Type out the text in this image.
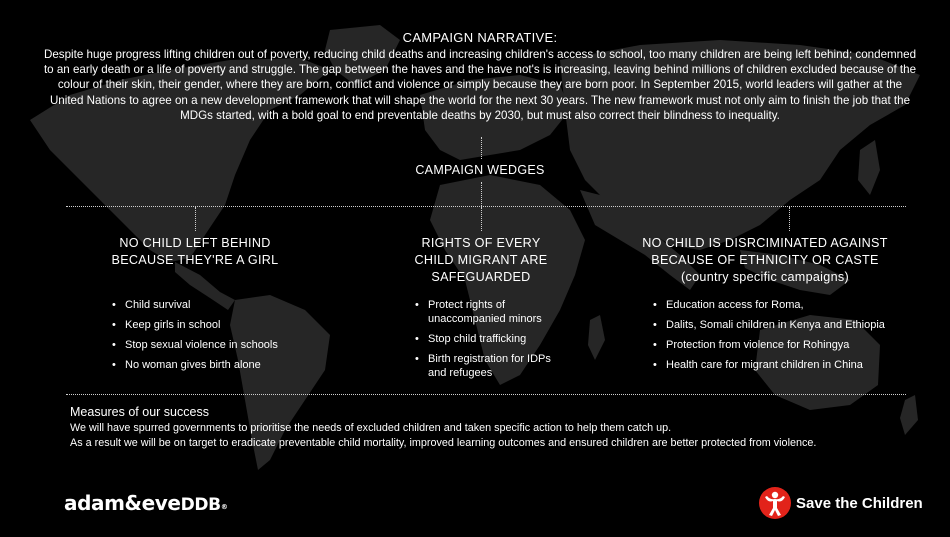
CAMPAIGN NARRATIVE:

Despite huge progress lifting children out of poverty, reducing child deaths and increasing children's access to school, too many children are being left behind; condemned to an early death or a life of poverty and struggle. The gap between the haves and the have not's is increasing, leaving behind millions of children excluded because of the colour of their skin, their gender, where they are born, conflict and violence or simply because they are born poor. In September 2015, world leaders will gather at the United Nations to agree on a new development framework that will shape the world for the next 30 years. The new framework must not only aim to finish the job that the MDGs started, with a bold goal to end preventable deaths by 2030, but must also correct their blindness to inequality.

CAMPAIGN WEDGES
NO CHILD LEFT BEHIND BECAUSE THEY'RE A GIRL
• Child survival
• Keep girls in school
• Stop sexual violence in schools
• No woman gives birth alone
RIGHTS OF EVERY CHILD MIGRANT ARE SAFEGUARDED
• Protect rights of unaccompanied minors
• Stop child trafficking
• Birth registration for IDPs and refugees
NO CHILD IS DISRCIMINATED AGAINST BECAUSE OF ETHNICITY OR CASTE
(country specific campaigns)
• Education access for Roma,
• Dalits, Somali children in Kenya and Ethiopia
• Protection from violence for Rohingya
• Health care for migrant children in China
Measures of our success

We will have spurred governments to prioritise the needs of excluded children and taken specific action to help them catch up.

As a result we will be on target to eradicate preventable child mortality, improved learning outcomes and ensured children are better protected from violence.

adam&eveDDB®	Save the Children
